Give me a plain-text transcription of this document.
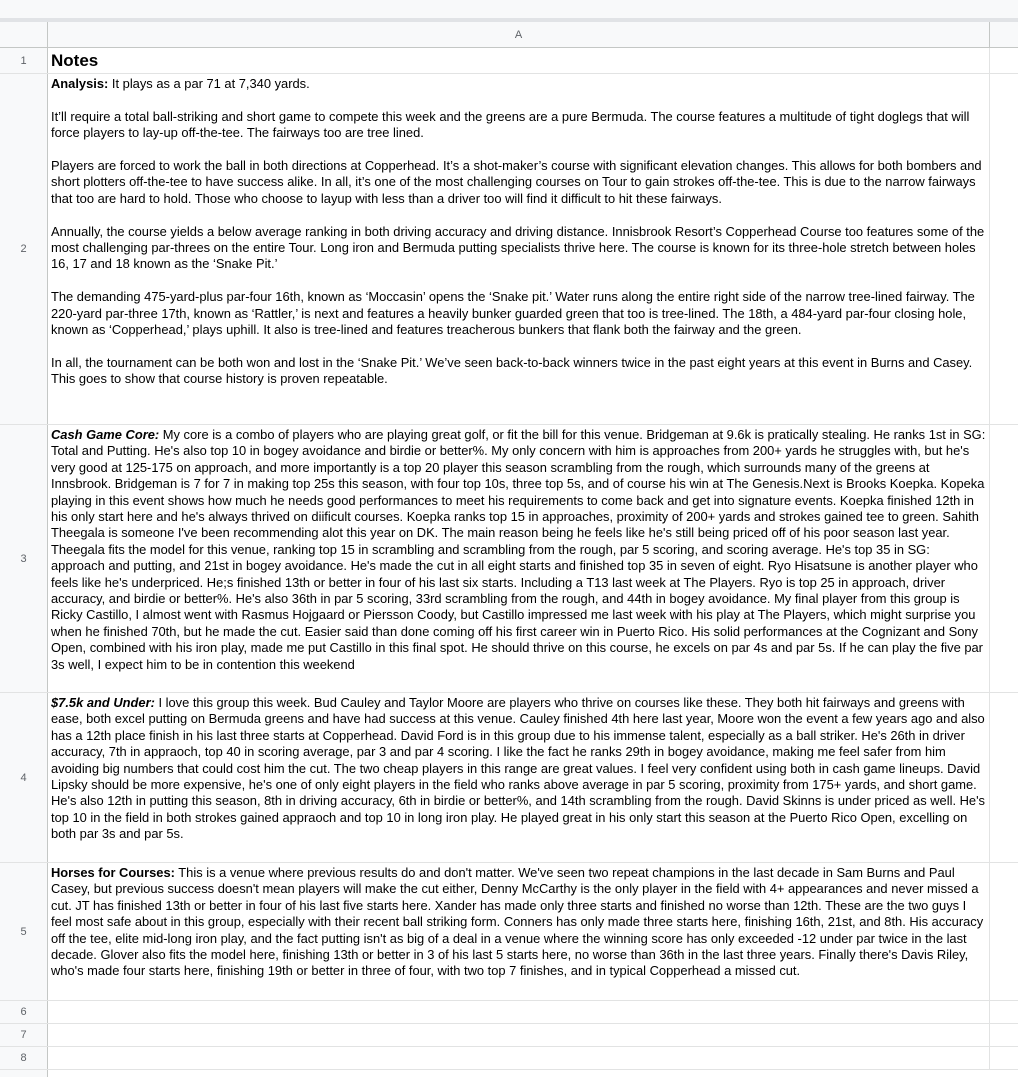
A
1	Notes
2

Analysis: It plays as a par 71 at 7,340 yards.

It’ll require a total ball-striking and short game to compete this week and the greens are a pure Bermuda. The course features a multitude of tight doglegs that will force players to lay-up off-the-tee. The fairways too are tree lined.

Players are forced to work the ball in both directions at Copperhead. It’s a shot-maker’s course with significant elevation changes. This allows for both bombers and short plotters off-the-tee to have success alike. In all, it’s one of the most challenging courses on Tour to gain strokes off-the-tee. This is due to the narrow fairways that too are hard to hold. Those who choose to layup with less than a driver too will find it difficult to hit these fairways.

Annually, the course yields a below average ranking in both driving accuracy and driving distance. Innisbrook Resort’s Copperhead Course too features some of the most challenging par-threes on the entire Tour. Long iron and Bermuda putting specialists thrive here. The course is known for its three-hole stretch between holes 16, 17 and 18 known as the ‘Snake Pit.’

The demanding 475-yard-plus par-four 16th, known as ‘Moccasin’ opens the ‘Snake pit.’ Water runs along the entire right side of the narrow tree-lined fairway. The 220-yard par-three 17th, known as ‘Rattler,’ is next and features a heavily bunker guarded green that too is tree-lined. The 18th, a 484-yard par-four closing hole, known as ‘Copperhead,’ plays uphill. It also is tree-lined and features treacherous bunkers that flank both the fairway and the green.

In all, the tournament can be both won and lost in the ‘Snake Pit.’ We’ve seen back-to-back winners twice in the past eight years at this event in Burns and Casey. This goes to show that course history is proven repeatable.

3
Cash Game Core: My core is a combo of players who are playing great golf, or fit the bill for this venue. Bridgeman at 9.6k is pratically stealing. He ranks 1st in SG: Total and Putting. He's also top 10 in bogey avoidance and birdie or better%. My only concern with him is approaches from 200+ yards he struggles with, but he's very good at 125-175 on approach, and more importantly is a top 20 player this season scrambling from the rough, which surrounds many of the greens at Innsbrook. Bridgeman is 7 for 7 in making top 25s this season, with four top 10s, three top 5s, and of course his win at The Genesis.Next is Brooks Koepka. Kopeka playing in this event shows how much he needs good performances to meet his requirements to come back and get into signature events. Koepka finished 12th in his only start here and he's always thrived on diificult courses. Koepka ranks top 15 in approaches, proximity of 200+ yards and strokes gained tee to green. Sahith Theegala is someone I've been recommending alot this year on DK. The main reason being he feels like he's still being priced off of his poor season last year. Theegala fits the model for this venue, ranking top 15 in scrambling and scrambling from the rough, par 5 scoring, and scoring average. He's top 35 in SG: approach and putting, and 21st in bogey avoidance. He's made the cut in all eight starts and finished top 35 in seven of eight. Ryo Hisatsune is another player who feels like he's underpriced. He;s finished 13th or better in four of his last six starts. Including a T13 last week at The Players. Ryo is top 25 in approach, driver accuracy, and birdie or better%. He's also 36th in par 5 scoring, 33rd scrambling from the rough, and 44th in bogey avoidance. My final player from this group is Ricky Castillo, I almost went with Rasmus Hojgaard or Piersson Coody, but Castillo impressed me last week with his play at The Players, which might surprise you when he finished 70th, but he made the cut. Easier said than done coming off his first career win in Puerto Rico. His solid performances at the Cognizant and Sony Open, combined with his iron play, made me put Castillo in this final spot. He should thrive on this course, he excels on par 4s and par 5s. If he can play the five par 3s well, I expect him to be in contention this weekend
4
$7.5k and Under: I love this group this week. Bud Cauley and Taylor Moore are players who thrive on courses like these. They both hit fairways and greens with ease, both excel putting on Bermuda greens and have had success at this venue. Cauley finished 4th here last year, Moore won the event a few years ago and also has a 12th place finish in his last three starts at Copperhead. David Ford is in this group due to his immense talent, especially as a ball striker. He's 26th in driver accuracy, 7th in appraoch, top 40 in scoring average, par 3 and par 4 scoring. I like the fact he ranks 29th in bogey avoidance, making me feel safer from him avoiding big numbers that could cost him the cut. The two cheap players in this range are great values. I feel very confident using both in cash game lineups. David Lipsky should be more expensive, he's one of only eight players in the field who ranks above average in par 5 scoring, proximity from 175+ yards, and short game. He's also 12th in putting this season, 8th in driving accuracy, 6th in birdie or better%, and 14th scrambling from the rough. David Skinns is under priced as well. He's top 10 in the field in both strokes gained appraoch and top 10 in long iron play. He played great in his only start this season at the Puerto Rico Open, excelling on both par 3s and par 5s.
5
Horses for Courses: This is a venue where previous results do and don't matter. We've seen two repeat champions in the last decade in Sam Burns and Paul Casey, but previous success doesn't mean players will make the cut either, Denny McCarthy is the only player in the field with 4+ appearances and never missed a cut. JT has finished 13th or better in four of his last five starts here. Xander has made only three starts and finished no worse than 12th. These are the two guys I feel most safe about in this group, especially with their recent ball striking form. Conners has only made three starts here, finishing 16th, 21st, and 8th. His accuracy off the tee, elite mid-long iron play, and the fact putting isn't as big of a deal in a venue where the winning score has only exceeded -12 under par twice in the last decade. Glover also fits the model here, finishing 13th or better in 3 of his last 5 starts here, no worse than 36th in the last three years. Finally there's Davis Riley, who's made four starts here, finishing 19th or better in three of four, with two top 7 finishes, and in typical Copperhead a missed cut.
6
7
8
